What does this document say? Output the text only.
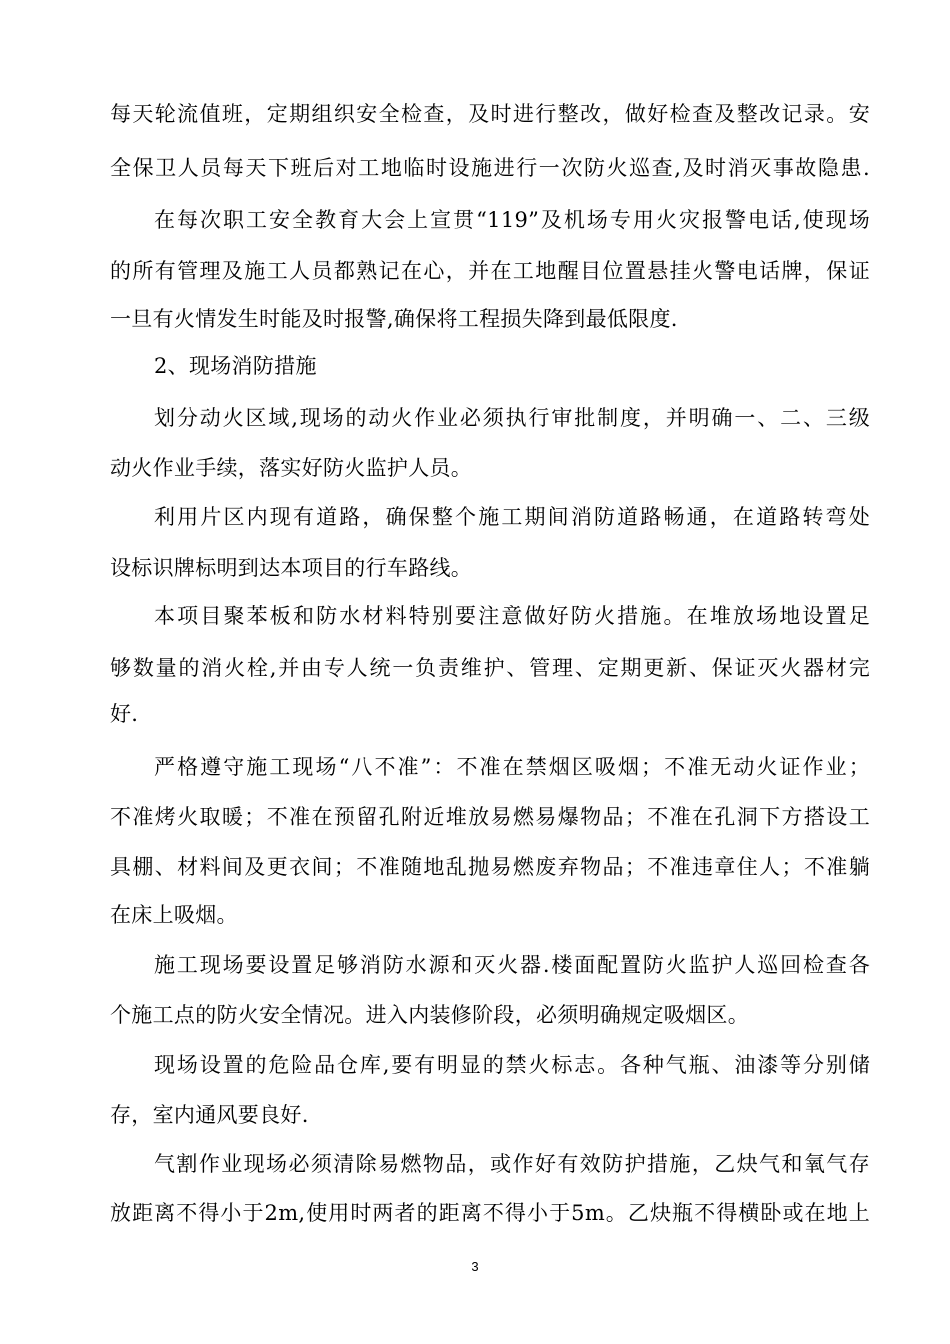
每天轮流值班，定期组织安全检查，及时进行整改，做好检查及整改记录。安
全保卫人员每天下班后对工地临时设施进行一次防火巡查,及时消灭事故隐患.
在每次职工安全教育大会上宣贯“119”及机场专用火灾报警电话,使现场
的所有管理及施工人员都熟记在心，并在工地醒目位置悬挂火警电话牌，保证
一旦有火情发生时能及时报警,确保将工程损失降到最低限度.
2、现场消防措施
划分动火区域,现场的动火作业必须执行审批制度，并明确一、二、三级
动火作业手续，落实好防火监护人员。
利用片区内现有道路，确保整个施工期间消防道路畅通，在道路转弯处
设标识牌标明到达本项目的行车路线。
本项目聚苯板和防水材料特别要注意做好防火措施。在堆放场地设置足
够数量的消火栓,并由专人统一负责维护、管理、定期更新、保证灭火器材完
好.
严格遵守施工现场“八不准”：不准在禁烟区吸烟；不准无动火证作业；
不准烤火取暖；不准在预留孔附近堆放易燃易爆物品；不准在孔洞下方搭设工
具棚、材料间及更衣间；不准随地乱抛易燃废弃物品；不准违章住人；不准躺
在床上吸烟。
施工现场要设置足够消防水源和灭火器.楼面配置防火监护人巡回检查各
个施工点的防火安全情况。进入内装修阶段，必须明确规定吸烟区。
现场设置的危险品仓库,要有明显的禁火标志。各种气瓶、油漆等分别储
存，室内通风要良好.
气割作业现场必须清除易燃物品，或作好有效防护措施，乙炔气和氧气存
放距离不得小于2m,使用时两者的距离不得小于5m。乙炔瓶不得横卧或在地上
3
